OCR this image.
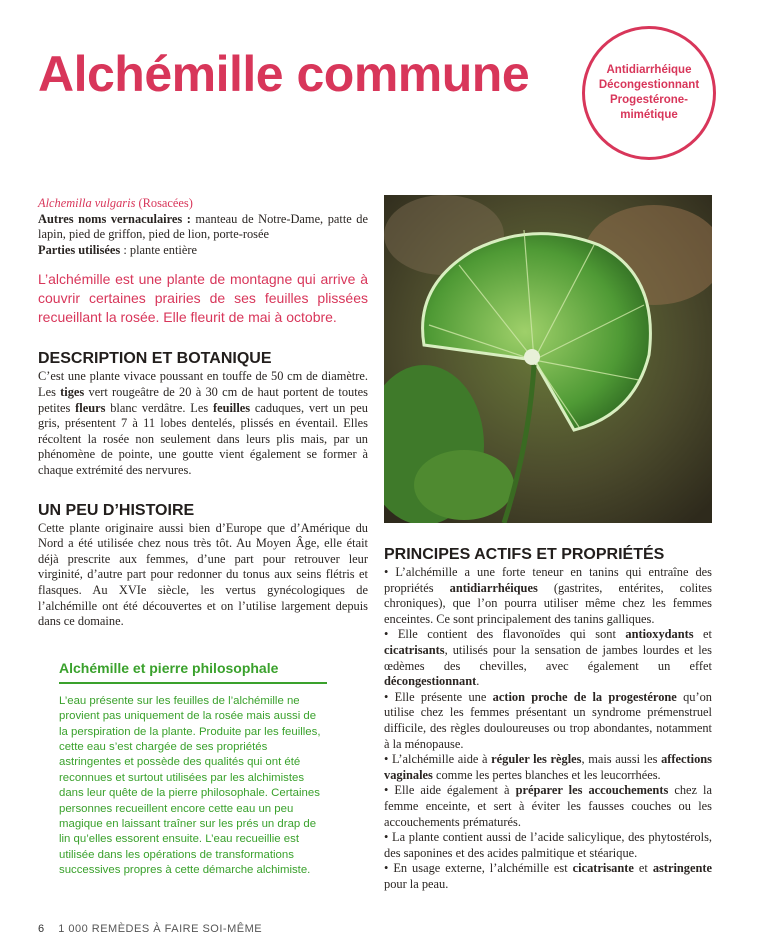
Alchémille commune	Antidiarrhéique
Décongestionnant
Progestérone-
mimétique

Alchemilla vulgaris (Rosacées)

Autres noms vernaculaires : manteau de Notre-Dame, patte de lapin, pied de griffon, pied de lion, porte-rosée

Parties utilisées : plante entière

L’alchémille est une plante de montagne qui arrive à couvrir certaines prairies de ses feuilles plissées recueillant la rosée. Elle fleurit de mai à octobre.

DESCRIPTION ET BOTANIQUE

C’est une plante vivace poussant en touffe de 50 cm de diamètre. Les tiges vert rougeâtre de 20 à 30 cm de haut portent de toutes petites fleurs blanc verdâtre. Les feuilles caduques, vert un peu gris, présentent 7 à 11 lobes dentelés, plissés en éventail. Elles récoltent la rosée non seulement dans leurs plis mais, par un phénomène de pointe, une goutte vient également se former à chaque extrémité des nervures.

UN PEU D’HISTOIRE

Cette plante originaire aussi bien d’Europe que d’Amérique du Nord a été utilisée chez nous très tôt. Au Moyen Âge, elle était déjà prescrite aux femmes, d’une part pour retrouver leur virginité, d’autre part pour redonner du tonus aux seins flétris et flasques. Au XVIe siècle, les vertus gynécologiques de l’alchémille ont été découvertes et on l’utilise largement depuis dans ce domaine.

Alchémille et pierre philosophale

L’eau présente sur les feuilles de l’alchémille ne provient pas uniquement de la rosée mais aussi de la perspiration de la plante. Produite par les feuilles, cette eau s’est chargée de ses propriétés astringentes et possède des qualités qui ont été reconnues et surtout utilisées par les alchimistes dans leur quête de la pierre philosophale. Certaines personnes recueillent encore cette eau un peu magique en laissant traîner sur les prés un drap de lin qu’elles essorent ensuite. L’eau recueillie est utilisée dans les opérations de transformations successives propres à cette démarche alchimiste.

PRINCIPES ACTIFS ET PROPRIÉTÉS

• L’alchémille a une forte teneur en tanins qui entraîne des propriétés antidiarrhéiques (gastrites, entérites, colites chroniques), que l’on pourra utiliser même chez les femmes enceintes. Ce sont principalement des tanins galliques.

• Elle contient des flavonoïdes qui sont antioxydants et cicatrisants, utilisés pour la sensation de jambes lourdes et les œdèmes des chevilles, avec également un effet décongestionnant.

• Elle présente une action proche de la progestérone qu’on utilise chez les femmes présentant un syndrome prémenstruel difficile, des règles douloureuses ou trop abondantes, notamment à la ménopause.

• L’alchémille aide à réguler les règles, mais aussi les affections vaginales comme les pertes blanches et les leucorrhées.

• Elle aide également à préparer les accouchements chez la femme enceinte, et sert à éviter les fausses couches ou les accouchements prématurés.

• La plante contient aussi de l’acide salicylique, des phytostérols, des saponines et des acides palmitique et stéarique.

• En usage externe, l’alchémille est cicatrisante et astringente pour la peau.

6 1 000 REMÈDES À FAIRE SOI-MÊME
